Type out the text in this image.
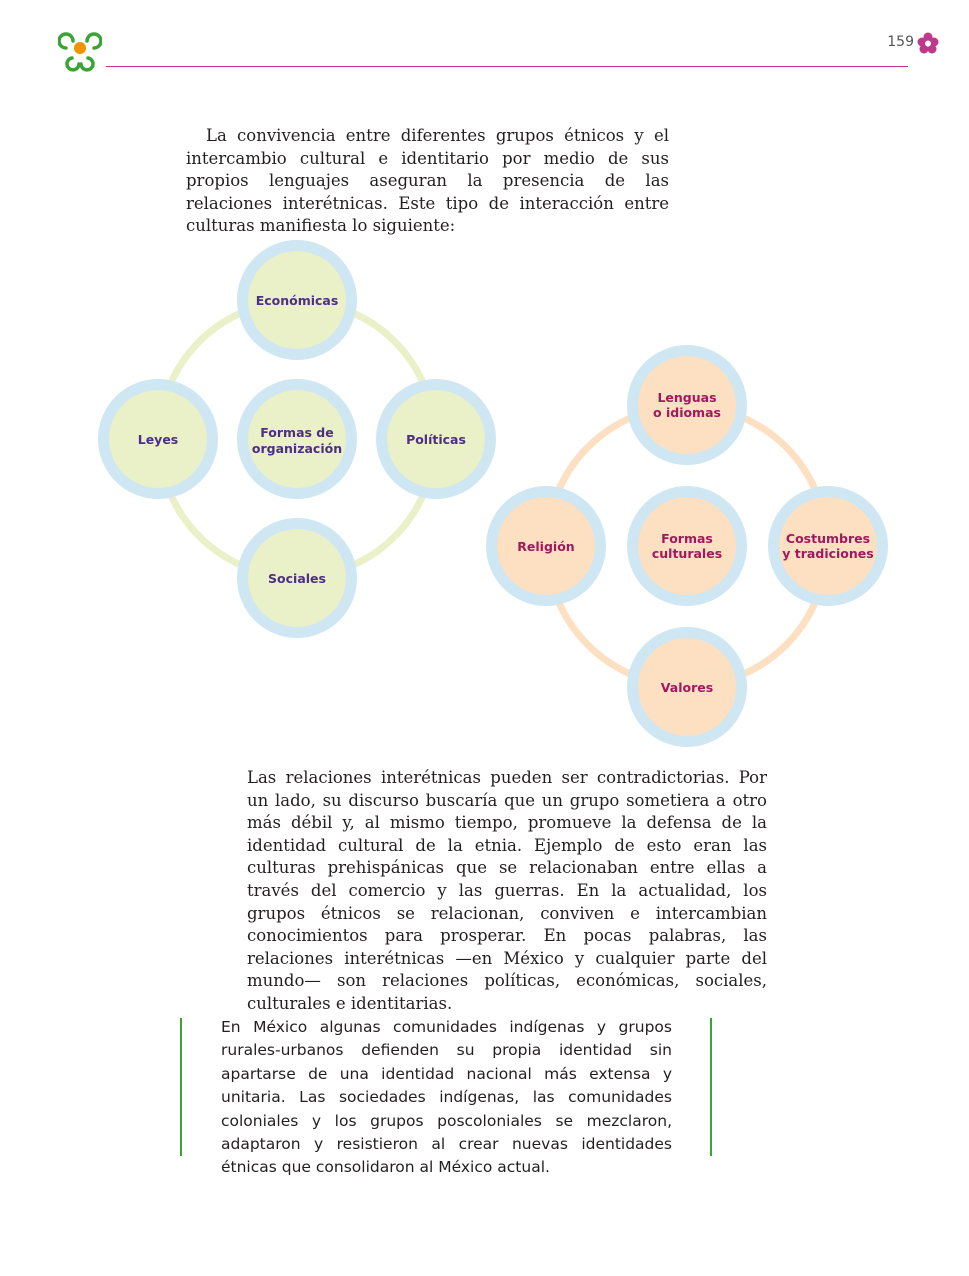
159

La convivencia entre diferentes grupos étnicos y el intercambio cultural e identitario por medio de sus propios lenguajes aseguran la presencia de las relaciones interétnicas. Este tipo de interacción entre culturas manifiesta lo siguiente:

Económicas
Leyes	Formas de
organización
Políticas
Sociales
Lenguas
o idiomas
Religión
Formas
culturales
Costumbres
y tradiciones
Valores

Las relaciones interétnicas pueden ser contradictorias. Por un lado, su discurso buscaría que un grupo sometiera a otro más débil y, al mismo tiempo, promueve la defensa de la identidad cultural de la etnia. Ejemplo de esto eran las culturas prehispánicas que se relacionaban entre ellas a través del comercio y las guerras. En la actualidad, los grupos étnicos se relacionan, conviven e intercambian conocimientos para prosperar. En pocas palabras, las relaciones interétnicas —en México y cualquier parte del mundo— son relaciones políticas, económicas, sociales, culturales e identitarias.

En México algunas comunidades indígenas y grupos rurales-urbanos defienden su propia identidad sin apartarse de una identidad nacional más extensa y unitaria. Las sociedades indígenas, las comunidades coloniales y los grupos poscoloniales se mezclaron, adaptaron y resistieron al crear nuevas identidades étnicas que consolidaron al México actual.
